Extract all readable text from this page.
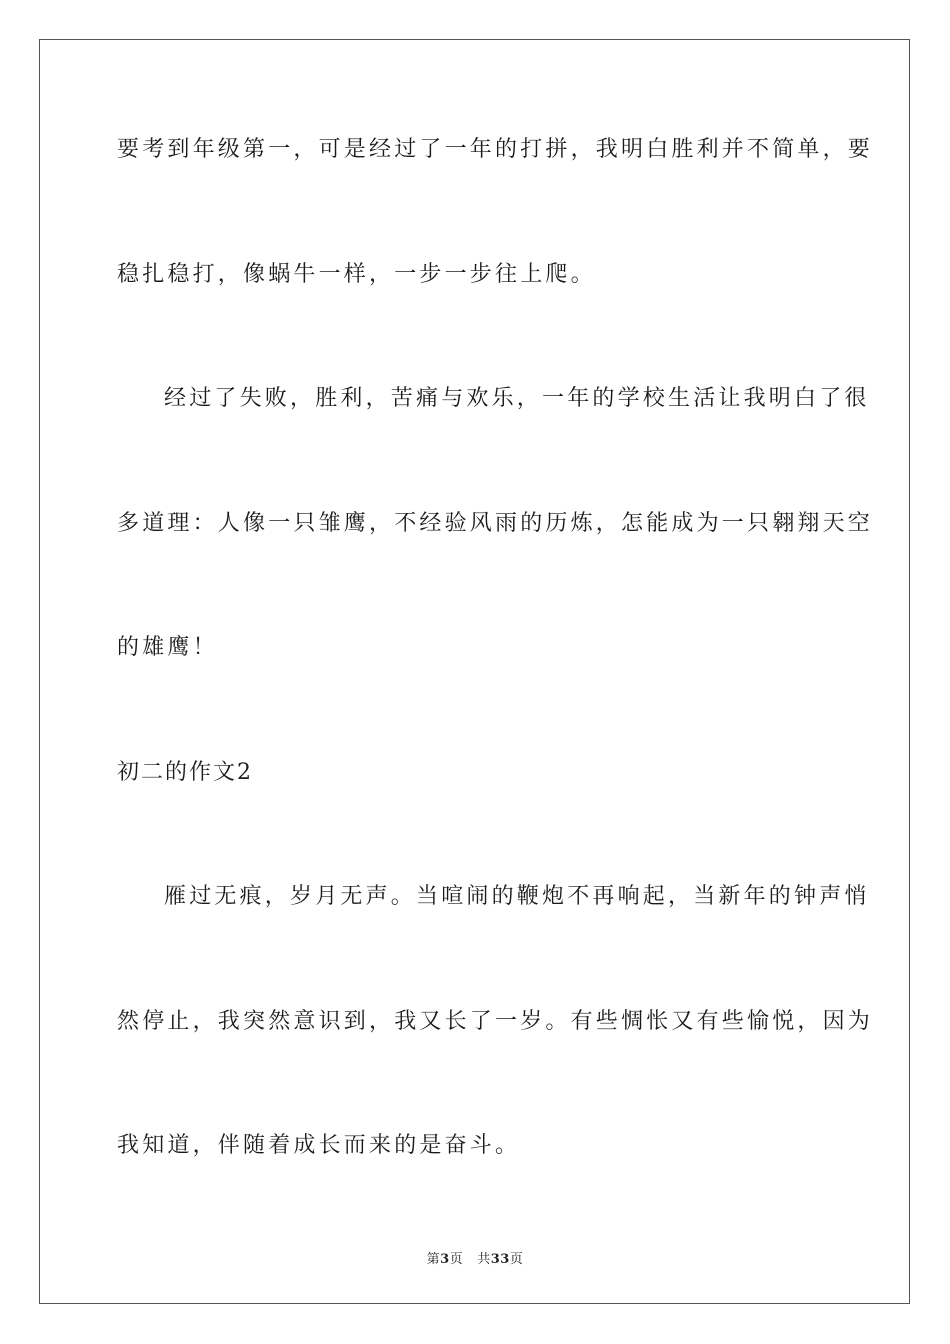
要考到年级第一，可是经过了一年的打拼，我明白胜利并不简单，要
稳扎稳打，像蜗牛一样，一步一步往上爬。
经过了失败，胜利，苦痛与欢乐，一年的学校生活让我明白了很
多道理：人像一只雏鹰，不经验风雨的历炼，怎能成为一只翱翔天空
的雄鹰！
初二的作文2
雁过无痕，岁月无声。当喧闹的鞭炮不再响起，当新年的钟声悄
然停止，我突然意识到，我又长了一岁。有些惆怅又有些愉悦，因为
我知道，伴随着成长而来的是奋斗。
第3页 共33页
